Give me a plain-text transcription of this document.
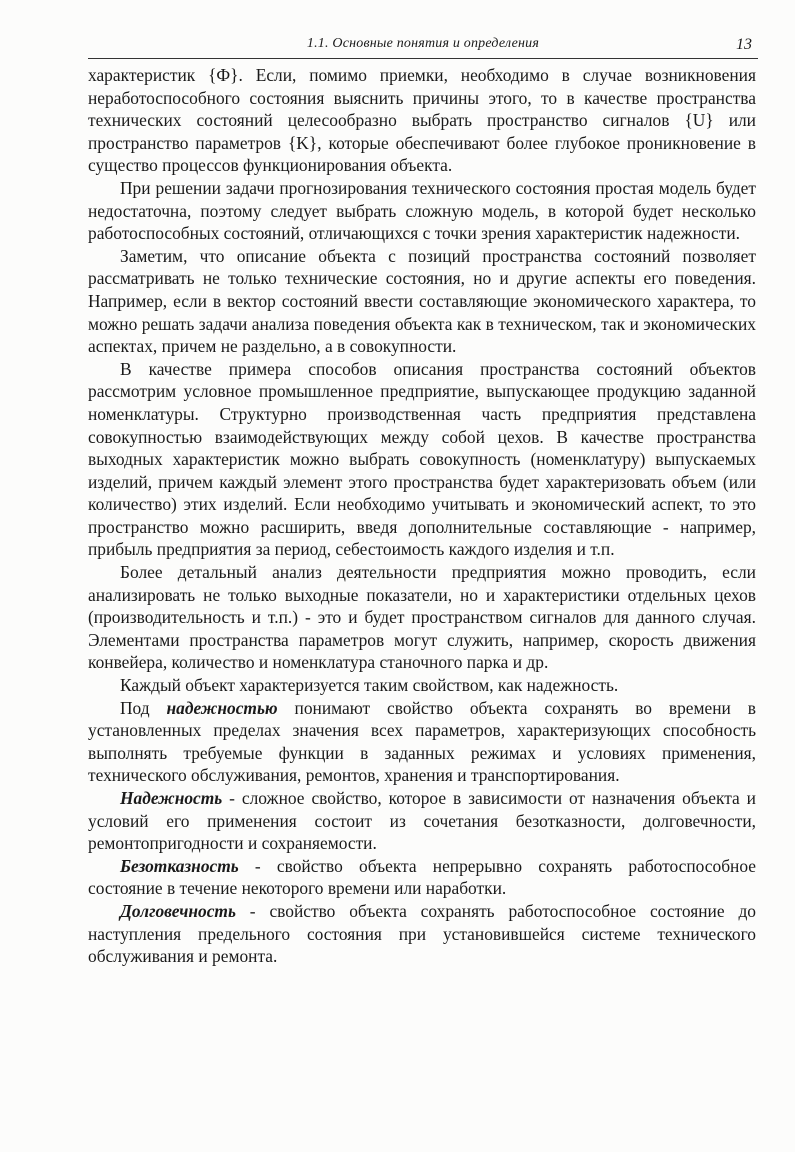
1.1. Основные понятия и определения	13

характеристик {Ф}. Если, помимо приемки, необходимо в случае возникновения неработоспособного состояния выяснить причины этого, то в качестве пространства технических состояний целесообразно выбрать пространство сигналов {U} или пространство параметров {K}, которые обеспечивают более глубокое проникновение в существо процессов функционирования объекта.

При решении задачи прогнозирования технического состояния простая модель будет недостаточна, поэтому следует выбрать сложную модель, в которой будет несколько работоспособных состояний, отличающихся с точки зрения характеристик надежности.

Заметим, что описание объекта с позиций пространства состояний позволяет рассматривать не только технические состояния, но и другие аспекты его поведения. Например, если в вектор состояний ввести составляющие экономического характера, то можно решать задачи анализа поведения объекта как в техническом, так и экономических аспектах, причем не раздельно, а в совокупности.

В качестве примера способов описания пространства состояний объектов рассмотрим условное промышленное предприятие, выпускающее продукцию заданной номенклатуры. Структурно производственная часть предприятия представлена совокупностью взаимодействующих между собой цехов. В качестве пространства выходных характеристик можно выбрать совокупность (номенклатуру) выпускаемых изделий, причем каждый элемент этого пространства будет характеризовать объем (или количество) этих изделий. Если необходимо учитывать и экономический аспект, то это пространство можно расширить, введя дополнительные составляющие - например, прибыль предприятия за период, себестоимость каждого изделия и т.п.

Более детальный анализ деятельности предприятия можно проводить, если анализировать не только выходные показатели, но и характеристики отдельных цехов (производительность и т.п.) - это и будет пространством сигналов для данного случая. Элементами пространства параметров могут служить, например, скорость движения конвейера, количество и номенклатура станочного парка и др.

Каждый объект характеризуется таким свойством, как надежность.

Под надежностью понимают свойство объекта сохранять во времени в установленных пределах значения всех параметров, характеризующих способность выполнять требуемые функции в заданных режимах и условиях применения, технического обслуживания, ремонтов, хранения и транспортирования.

Надежность - сложное свойство, которое в зависимости от назначения объекта и условий его применения состоит из сочетания безотказности, долговечности, ремонтопригодности и сохраняемости.

Безотказность - свойство объекта непрерывно сохранять работоспособное состояние в течение некоторого времени или наработки.

Долговечность - свойство объекта сохранять работоспособное состояние до наступления предельного состояния при установившейся системе технического обслуживания и ремонта.
